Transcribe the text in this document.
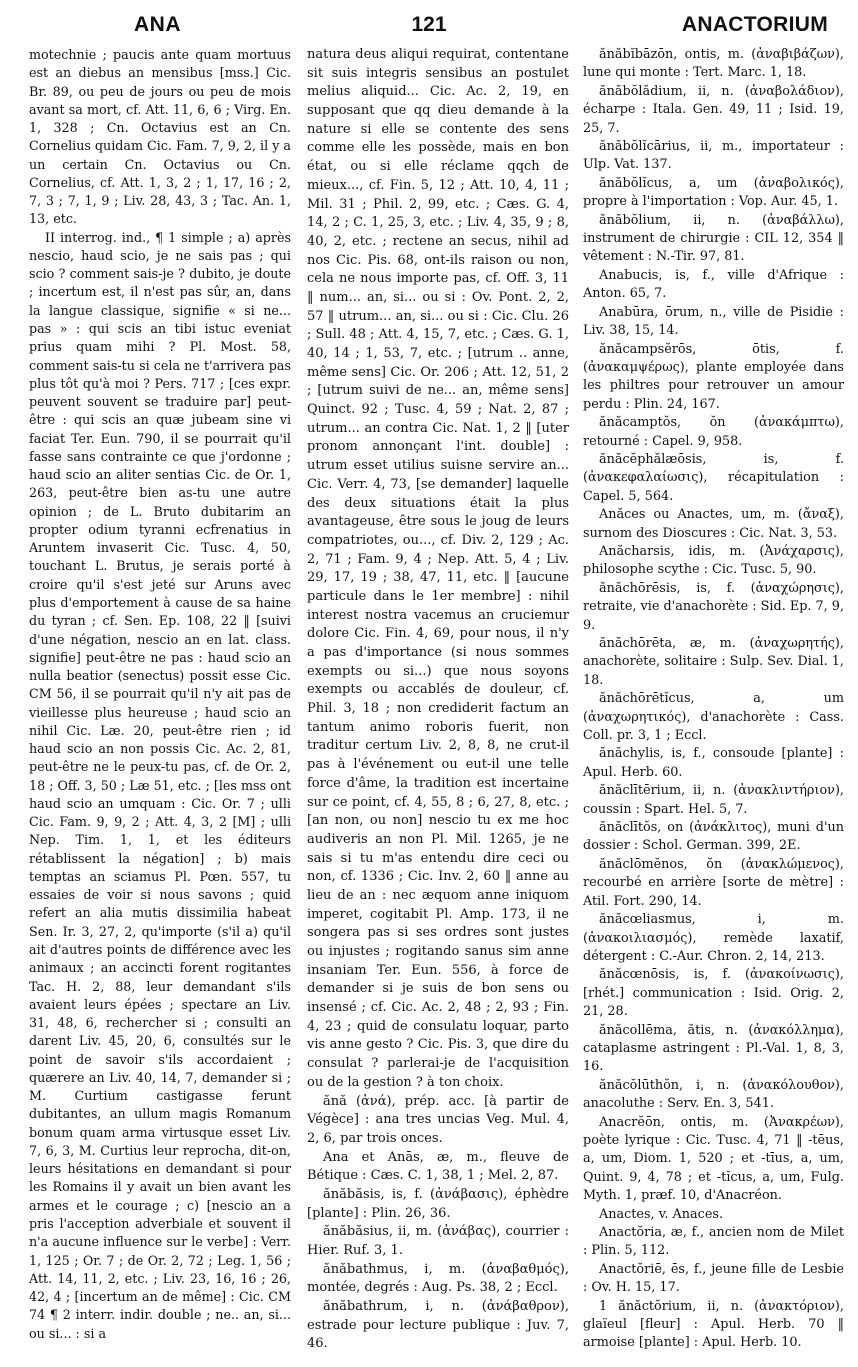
ANA	121	ANACTORIUM

motechnie ; paucis ante quam mortuus est an diebus an mensibus [mss.] Cic. Br. 89, ou peu de jours ou peu de mois avant sa mort, cf. Att. 11, 6, 6 ; Virg. En. 1, 328 ; Cn. Octavius est an Cn. Cornelius quidam Cic. Fam. 7, 9, 2, il y a un certain Cn. Octavius ou Cn. Cornelius, cf. Att. 1, 3, 2 ; 1, 17, 16 ; 2, 7, 3 ; 7, 1, 9 ; Liv. 28, 43, 3 ; Tac. An. 1, 13, etc.

II interrog. ind., ¶ 1 simple ; a) après nescio, haud scio, je ne sais pas ; qui scio ? comment sais-je ? dubito, je doute ; incertum est, il n'est pas sûr, an, dans la langue classique, signifie « si ne... pas » : qui scis an tibi istuc eveniat prius quam mihi ? Pl. Most. 58, comment sais-tu si cela ne t'arrivera pas plus tôt qu'à moi ? Pers. 717 ; [ces expr. peuvent souvent se traduire par] peut-être : qui scis an quæ jubeam sine vi faciat Ter. Eun. 790, il se pourrait qu'il fasse sans contrainte ce que j'ordonne ; haud scio an aliter sentias Cic. de Or. 1, 263, peut-être bien as-tu une autre opinion ; de L. Bruto dubitarim an propter odium tyranni ecfrenatius in Aruntem invaserit Cic. Tusc. 4, 50, touchant L. Brutus, je serais porté à croire qu'il s'est jeté sur Aruns avec plus d'emportement à cause de sa haine du tyran ; cf. Sen. Ep. 108, 22 ‖ [suivi d'une négation, nescio an en lat. class. signifie] peut-être ne pas : haud scio an nulla beatior (senectus) possit esse Cic. CM 56, il se pourrait qu'il n'y ait pas de vieillesse plus heureuse ; haud scio an nihil Cic. Læ. 20, peut-être rien ; id haud scio an non possis Cic. Ac. 2, 81, peut-être ne le peux-tu pas, cf. de Or. 2, 18 ; Off. 3, 50 ; Læ 51, etc. ; [les mss ont haud scio an umquam : Cic. Or. 7 ; ulli Cic. Fam. 9, 9, 2 ; Att. 4, 3, 2 [M] ; ulli Nep. Tim. 1, 1, et les éditeurs rétablissent la négation] ; b) mais temptas an sciamus Pl. Pœn. 557, tu essaies de voir si nous savons ; quid refert an alia mutis dissimilia habeat Sen. Ir. 3, 27, 2, qu'importe (s'il a) qu'il ait d'autres points de différence avec les animaux ; an accincti forent rogitantes Tac. H. 2, 88, leur demandant s'ils avaient leurs épées ; spectare an Liv. 31, 48, 6, rechercher si ; consulti an darent Liv. 45, 20, 6, consultés sur le point de savoir s'ils accordaient ; quærere an Liv. 40, 14, 7, demander si ; M. Curtium castigasse ferunt dubitantes, an ullum magis Romanum bonum quam arma virtusque esset Liv. 7, 6, 3, M. Curtius leur reprocha, dit-on, leurs hésitations en demandant si pour les Romains il y avait un bien avant les armes et le courage ; c) [nescio an a pris l'acception adverbiale et souvent il n'a aucune influence sur le verbe] : Verr. 1, 125 ; Or. 7 ; de Or. 2, 72 ; Leg. 1, 56 ; Att. 14, 11, 2, etc. ; Liv. 23, 16, 16 ; 26, 42, 4 ; [incertum an de même] : Cic. CM 74 ¶ 2 interr. indir. double ; ne.. an, si... ou si... : si a

natura deus aliqui requirat, contentane sit suis integris sensibus an postulet melius aliquid... Cic. Ac. 2, 19, en supposant que qq dieu demande à la nature si elle se contente des sens comme elle les possède, mais en bon état, ou si elle réclame qqch de mieux..., cf. Fin. 5, 12 ; Att. 10, 4, 11 ; Mil. 31 ; Phil. 2, 99, etc. ; Cæs. G. 4, 14, 2 ; C. 1, 25, 3, etc. ; Liv. 4, 35, 9 ; 8, 40, 2, etc. ; rectene an secus, nihil ad nos Cic. Pis. 68, ont-ils raison ou non, cela ne nous importe pas, cf. Off. 3, 11 ‖ num... an, si... ou si : Ov. Pont. 2, 2, 57 ‖ utrum... an, si... ou si : Cic. Clu. 26 ; Sull. 48 ; Att. 4, 15, 7, etc. ; Cæs. G. 1, 40, 14 ; 1, 53, 7, etc. ; [utrum .. anne, même sens] Cic. Or. 206 ; Att. 12, 51, 2 ; [utrum suivi de ne... an, même sens] Quinct. 92 ; Tusc. 4, 59 ; Nat. 2, 87 ; utrum... an contra Cic. Nat. 1, 2 ‖ [uter pronom annonçant l'int. double] : utrum esset utilius suisne servire an... Cic. Verr. 4, 73, [se demander] laquelle des deux situations était la plus avantageuse, être sous le joug de leurs compatriotes, ou..., cf. Div. 2, 129 ; Ac. 2, 71 ; Fam. 9, 4 ; Nep. Att. 5, 4 ; Liv. 29, 17, 19 ; 38, 47, 11, etc. ‖ [aucune particule dans le 1er membre] : nihil interest nostra vacemus an cruciemur dolore Cic. Fin. 4, 69, pour nous, il n'y a pas d'importance (si nous sommes exempts ou si...) que nous soyons exempts ou accablés de douleur, cf. Phil. 3, 18 ; non crediderit factum an tantum animo roboris fuerit, non traditur certum Liv. 2, 8, 8, ne crut-il pas à l'événement ou eut-il une telle force d'âme, la tradition est incertaine sur ce point, cf. 4, 55, 8 ; 6, 27, 8, etc. ; [an non, ou non] nescio tu ex me hoc audiveris an non Pl. Mil. 1265, je ne sais si tu m'as entendu dire ceci ou non, cf. 1336 ; Cic. Inv. 2, 60 ‖ anne au lieu de an : nec æquom anne iniquom imperet, cogitabit Pl. Amp. 173, il ne songera pas si ses ordres sont justes ou injustes ; rogitando sanus sim anne insaniam Ter. Eun. 556, à force de demander si je suis de bon sens ou insensé ; cf. Cic. Ac. 2, 48 ; 2, 93 ; Fin. 4, 23 ; quid de consulatu loquar, parto vis anne gesto ? Cic. Pis. 3, que dire du consulat ? parlerai-je de l'acquisition ou de la gestion ? à ton choix.

ănă (ἀνά), prép. acc. [à partir de Végèce] : ana tres uncias Veg. Mul. 4, 2, 6, par trois onces.

Ana et Anās, æ, m., fleuve de Bétique : Cæs. C. 1, 38, 1 ; Mel. 2, 87.

ănăbăsis, is, f. (ἀνάβασις), éphèdre [plante] : Plin. 26, 36.

ănăbăsius, ii, m. (ἀνάβας), courrier : Hier. Ruf. 3, 1.

ănăbathmus, i, m. (ἀναβαθμός), montée, degrés : Aug. Ps. 38, 2 ; Eccl.

ănăbathrum, i, n. (ἀνάβαθρον), estrade pour lecture publique : Juv. 7, 46.

ănăbĭbāzōn, ontis, m. (ἀναβιβάζων), lune qui monte : Tert. Marc. 1, 18.

ănăbŏlădium, ii, n. (ἀναβολάδιον), écharpe : Itala. Gen. 49, 11 ; Isid. 19, 25, 7.

ănăbŏlĭcārius, ii, m., importateur : Ulp. Vat. 137.

ănăbŏlĭcus, a, um (ἀναβολικός), propre à l'importation : Vop. Aur. 45, 1.

ănăbŏlium, ii, n. (ἀναβάλλω), instrument de chirurgie : CIL 12, 354 ‖ vêtement : N.-Tir. 97, 81.

Anabucis, is, f., ville d'Afrique : Anton. 65, 7.

Anabūra, ōrum, n., ville de Pisidie : Liv. 38, 15, 14.

ănăcampsĕrōs, ōtis, f. (ἀνακαμψέρως), plante employée dans les philtres pour retrouver un amour perdu : Plin. 24, 167.

ănăcamptŏs, ŏn (ἀνακάμπτω), retourné : Capel. 9, 958.

ănăcĕphălæōsis, is, f. (ἀνακεφαλαίωσις), récapitulation : Capel. 5, 564.

Anăces ou Anactes, um, m. (ἄναξ), surnom des Dioscures : Cic. Nat. 3, 53.

Anăcharsis, idis, m. (Ἀνάχαρσις), philosophe scythe : Cic. Tusc. 5, 90.

ănăchōrēsis, is, f. (ἀναχώρησις), retraite, vie d'anachorète : Sid. Ep. 7, 9, 9.

ănăchōrēta, æ, m. (ἀναχωρητής), anachorète, solitaire : Sulp. Sev. Dial. 1, 18.

ănăchōrētĭcus, a, um (ἀναχωρητικός), d'anachorète : Cass. Coll. pr. 3, 1 ; Eccl.

ănăchylis, is, f., consoude [plante] : Apul. Herb. 60.

ănăclītērium, ii, n. (ἀνακλιντήριον), coussin : Spart. Hel. 5, 7.

ănăclītŏs, on (ἀνάκλιτος), muni d'un dossier : Schol. German. 399, 2E.

ănăclōmĕnos, ŏn (ἀνακλώμενος), recourbé en arrière [sorte de mètre] : Atil. Fort. 290, 14.

ănăcœliasmus, i, m. (ἀνακοιλιασμός), remède laxatif, détergent : C.-Aur. Chron. 2, 14, 213.

ănăcœnōsis, is, f. (ἀνακοίνωσις), [rhét.] communication : Isid. Orig. 2, 21, 28.

ănăcollēma, ătis, n. (ἀνακόλλημα), cataplasme astringent : Pl.-Val. 1, 8, 3, 16.

ănăcŏlūthŏn, i, n. (ἀνακόλουθον), anacoluthe : Serv. En. 3, 541.

Anacrĕōn, ontis, m. (Ἀνακρέων), poète lyrique : Cic. Tusc. 4, 71 ‖ -tēus, a, um, Diom. 1, 520 ; et -tīus, a, um, Quint. 9, 4, 78 ; et -tĭcus, a, um, Fulg. Myth. 1, præf. 10, d'Anacréon.

Anactes, v. Anaces.

Anactŏria, æ, f., ancien nom de Milet : Plin. 5, 112.

Anactŏriē, ēs, f., jeune fille de Lesbie : Ov. H. 15, 17.

1 ănăctŏrium, ii, n. (ἀνακτόριον), glaïeul [fleur] : Apul. Herb. 70 ‖ armoise [plante] : Apul. Herb. 10.
